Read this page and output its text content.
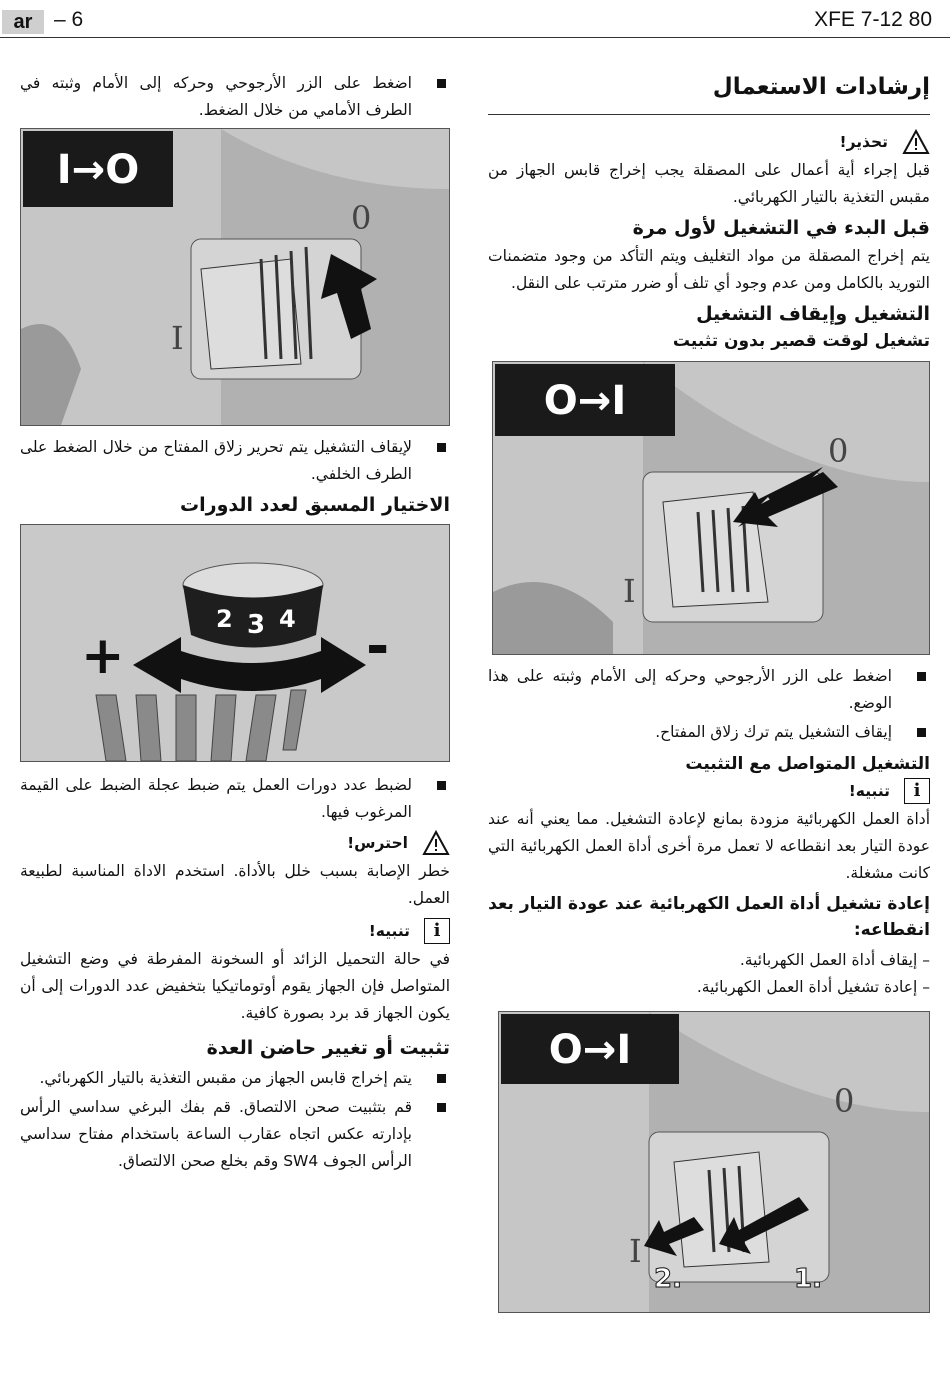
ar	– 6	XFE 7-12 80
إرشادات الاستعمال
تحذير!

قبل إجراء أية أعمال على المصقلة يجب إخراج قابس الجهاز من مقبس التغذية بالتيار الكهربائي.

قبل البدء في التشغيل لأول مرة

يتم إخراج المصقلة من مواد التغليف ويتم التأكد من وجود متضمنات التوريد بالكامل ومن عدم وجود أي تلف أو ضرر مترتب على النقل.

التشغيل وإيقاف التشغيل
تشغيل لوقت قصير بدون تثبيت
I
0
O→I
اضغط على الزر الأرجوحي وحركه إلى الأمام وثبته على هذا الوضع.
إيقاف التشغيل يتم ترك زلاق المفتاح.
التشغيل المتواصل مع التثبيت
i
تنبيه!

أداة العمل الكهربائية مزودة بمانع لإعادة التشغيل. مما يعني أنه عند عودة التيار بعد انقطاعه لا تعمل مرة أخرى أداة العمل الكهربائية التي كانت مشغلة.

إعادة تشغيل أداة العمل الكهربائية عند عودة التيار بعد انقطاعه:
– إيقاف أداة العمل الكهربائية.
– إعادة تشغيل أداة العمل الكهربائية.
I
0
O→I
1.
2.
اضغط على الزر الأرجوحي وحركه إلى الأمام وثبته في الطرف الأمامي من خلال الضغط.
I
0
I→O
لإيقاف التشغيل يتم تحرير زلاق المفتاح من خلال الضغط على الطرف الخلفي.
الاختيار المسبق لعدد الدورات
2 3 4
+	-
لضبط عدد دورات العمل يتم ضبط عجلة الضبط على القيمة المرغوب فيها.
احترس!

خطر الإصابة بسبب خلل بالأداة. استخدم الاداة المناسبة لطبيعة العمل.

i
تنبيه!

في حالة التحميل الزائد أو السخونة المفرطة في وضع التشغيل المتواصل فإن الجهاز يقوم أوتوماتيكيا بتخفيض عدد الدورات إلى أن يكون الجهاز قد برد بصورة كافية.

تثبيت أو تغيير حاضن العدة
يتم إخراج قابس الجهاز من مقبس التغذية بالتيار الكهربائي.
قم بتثبيت صحن الالتصاق. قم بفك البرغي سداسي الرأس بإدارته عكس اتجاه عقارب الساعة باستخدام مفتاح سداسي الرأس الجوف SW4 وقم بخلع صحن الالتصاق.
